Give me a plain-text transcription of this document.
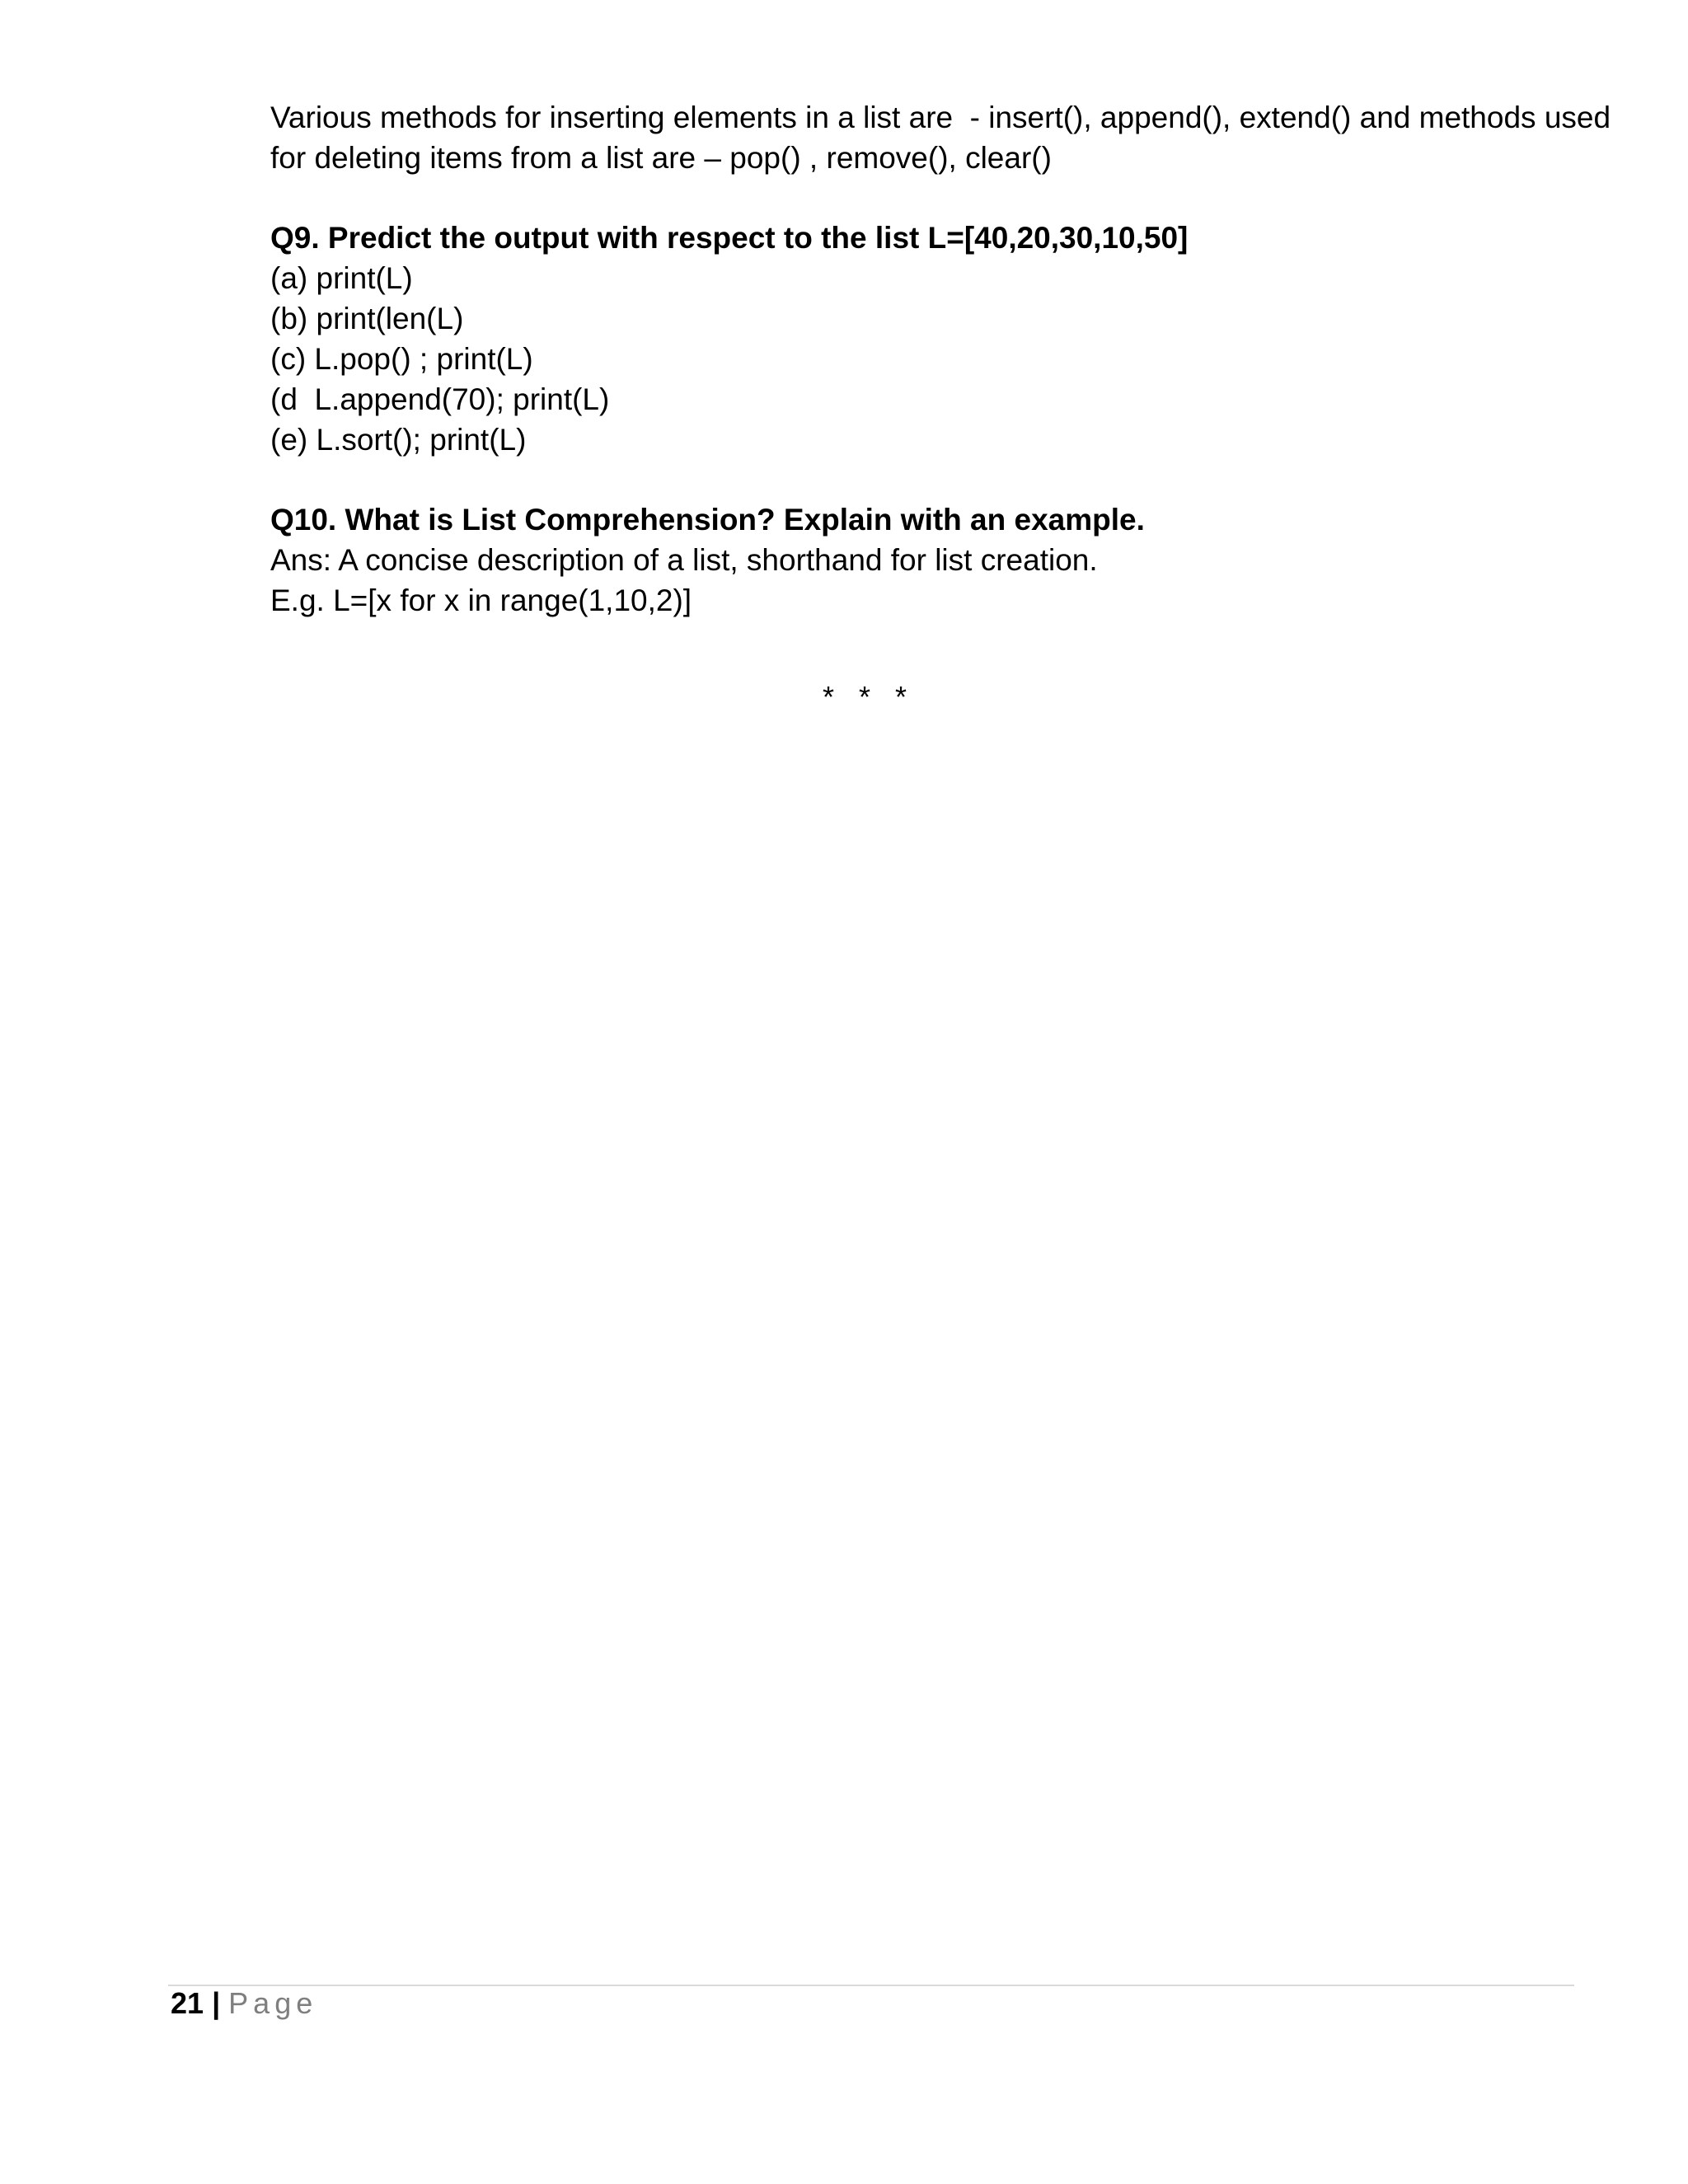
Various methods for inserting elements in a list are  - insert(), append(), extend() and methods used

for deleting items from a list are – pop() , remove(), clear()

Q9. Predict the output with respect to the list L=[40,20,30,10,50]

(a) print(L)

(b) print(len(L)

(c) L.pop() ; print(L)

(d  L.append(70); print(L)

(e) L.sort(); print(L)

Q10. What is List Comprehension? Explain with an example.

Ans: A concise description of a list, shorthand for list creation.

E.g. L=[x for x in range(1,10,2)]

* * *
21 | Page
